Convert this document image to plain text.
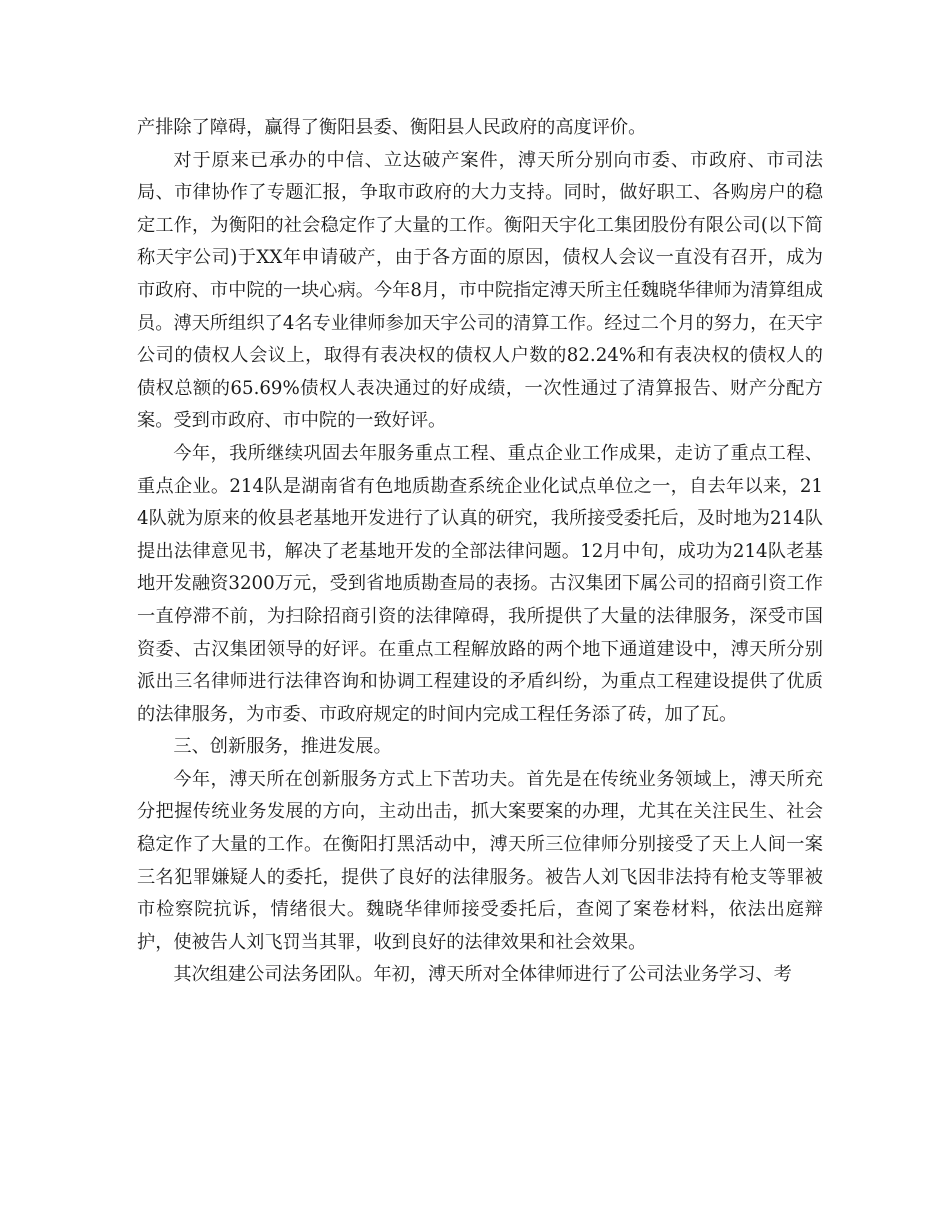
产排除了障碍，赢得了衡阳县委、衡阳县人民政府的高度评价。

对于原来已承办的中信、立达破产案件，溥天所分别向市委、市政府、市司法局、市律协作了专题汇报，争取市政府的大力支持。同时，做好职工、各购房户的稳定工作，为衡阳的社会稳定作了大量的工作。衡阳天宇化工集团股份有限公司(以下简称天宇公司)于XX年申请破产，由于各方面的原因，债权人会议一直没有召开，成为市政府、市中院的一块心病。今年8月，市中院指定溥天所主任魏晓华律师为清算组成员。溥天所组织了4名专业律师参加天宇公司的清算工作。经过二个月的努力，在天宇公司的债权人会议上，取得有表决权的债权人户数的82.24%和有表决权的债权人的债权总额的65.69%债权人表决通过的好成绩，一次性通过了清算报告、财产分配方案。受到市政府、市中院的一致好评。

今年，我所继续巩固去年服务重点工程、重点企业工作成果，走访了重点工程、重点企业。214队是湖南省有色地质勘查系统企业化试点单位之一，自去年以来，214队就为原来的攸县老基地开发进行了认真的研究，我所接受委托后，及时地为214队提出法律意见书，解决了老基地开发的全部法律问题。12月中旬，成功为214队老基地开发融资3200万元，受到省地质勘查局的表扬。古汉集团下属公司的招商引资工作一直停滞不前，为扫除招商引资的法律障碍，我所提供了大量的法律服务，深受市国资委、古汉集团领导的好评。在重点工程解放路的两个地下通道建设中，溥天所分别派出三名律师进行法律咨询和协调工程建设的矛盾纠纷，为重点工程建设提供了优质的法律服务，为市委、市政府规定的时间内完成工程任务添了砖，加了瓦。

三、创新服务，推进发展。

今年，溥天所在创新服务方式上下苦功夫。首先是在传统业务领域上，溥天所充分把握传统业务发展的方向，主动出击，抓大案要案的办理，尤其在关注民生、社会稳定作了大量的工作。在衡阳打黑活动中，溥天所三位律师分别接受了天上人间一案三名犯罪嫌疑人的委托，提供了良好的法律服务。被告人刘飞因非法持有枪支等罪被市检察院抗诉，情绪很大。魏晓华律师接受委托后，查阅了案卷材料，依法出庭辩护，使被告人刘飞罚当其罪，收到良好的法律效果和社会效果。

其次组建公司法务团队。年初，溥天所对全体律师进行了公司法业务学习、考
